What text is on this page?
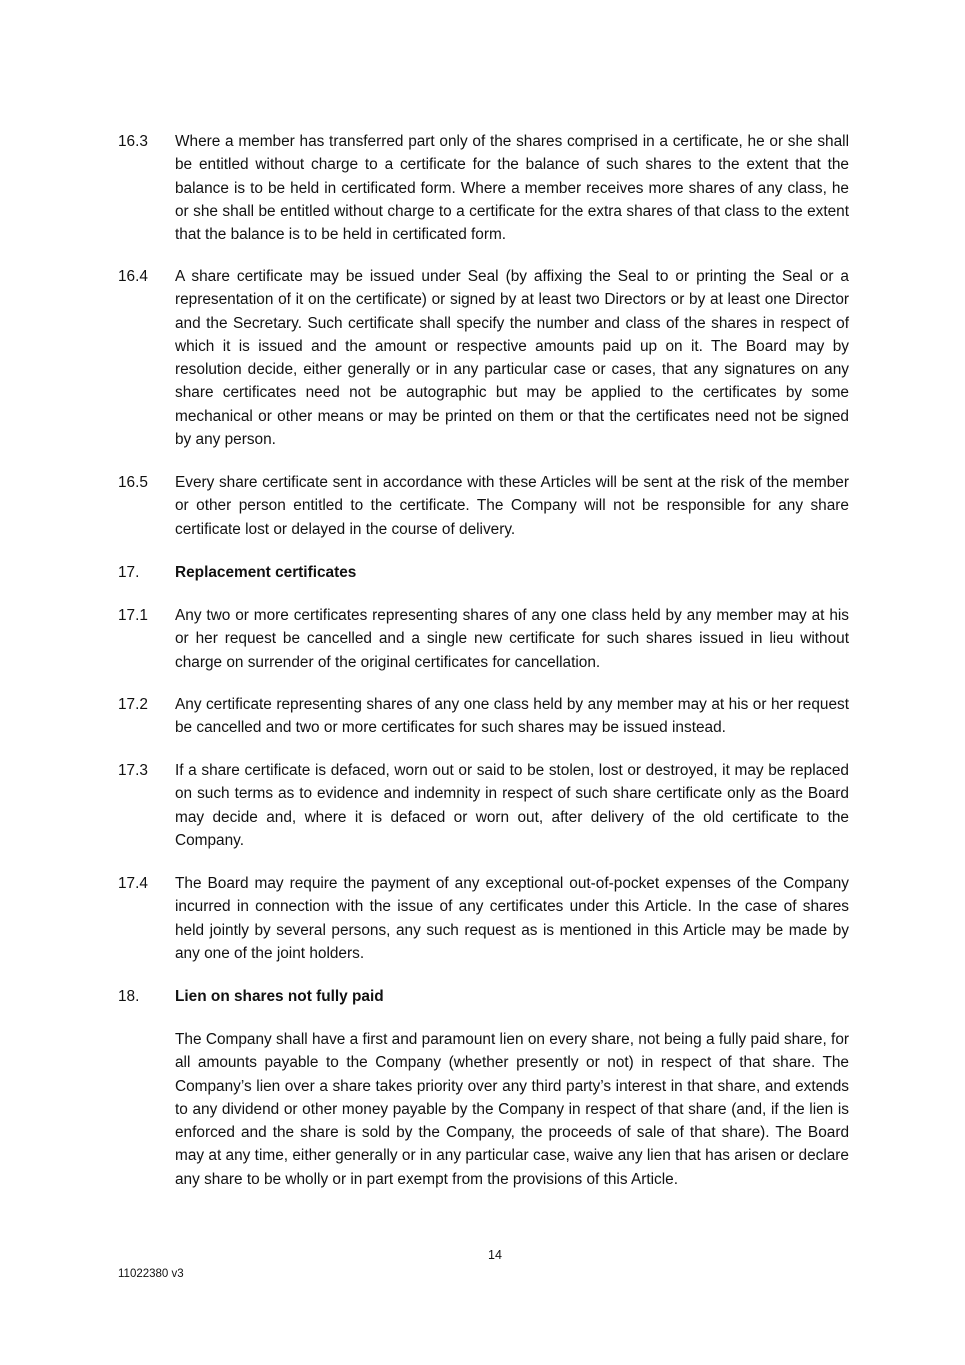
16.3	Where a member has transferred part only of the shares comprised in a certificate, he or she shall be entitled without charge to a certificate for the balance of such shares to the extent that the balance is to be held in certificated form. Where a member receives more shares of any class, he or she shall be entitled without charge to a certificate for the extra shares of that class to the extent that the balance is to be held in certificated form.
16.4	A share certificate may be issued under Seal (by affixing the Seal to or printing the Seal or a representation of it on the certificate) or signed by at least two Directors or by at least one Director and the Secretary. Such certificate shall specify the number and class of the shares in respect of which it is issued and the amount or respective amounts paid up on it. The Board may by resolution decide, either generally or in any particular case or cases, that any signatures on any share certificates need not be autographic but may be applied to the certificates by some mechanical or other means or may be printed on them or that the certificates need not be signed by any person.
16.5	Every share certificate sent in accordance with these Articles will be sent at the risk of the member or other person entitled to the certificate. The Company will not be responsible for any share certificate lost or delayed in the course of delivery.
17.	Replacement certificates
17.1	Any two or more certificates representing shares of any one class held by any member may at his or her request be cancelled and a single new certificate for such shares issued in lieu without charge on surrender of the original certificates for cancellation.
17.2	Any certificate representing shares of any one class held by any member may at his or her request be cancelled and two or more certificates for such shares may be issued instead.
17.3	If a share certificate is defaced, worn out or said to be stolen, lost or destroyed, it may be replaced on such terms as to evidence and indemnity in respect of such share certificate only as the Board may decide and, where it is defaced or worn out, after delivery of the old certificate to the Company.
17.4	The Board may require the payment of any exceptional out-of-pocket expenses of the Company incurred in connection with the issue of any certificates under this Article. In the case of shares held jointly by several persons, any such request as is mentioned in this Article may be made by any one of the joint holders.
18.	Lien on shares not fully paid
The Company shall have a first and paramount lien on every share, not being a fully paid share, for all amounts payable to the Company (whether presently or not) in respect of that share. The Company’s lien over a share takes priority over any third party’s interest in that share, and extends to any dividend or other money payable by the Company in respect of that share (and, if the lien is enforced and the share is sold by the Company, the proceeds of sale of that share). The Board may at any time, either generally or in any particular case, waive any lien that has arisen or declare any share to be wholly or in part exempt from the provisions of this Article.
14
11022380 v3
